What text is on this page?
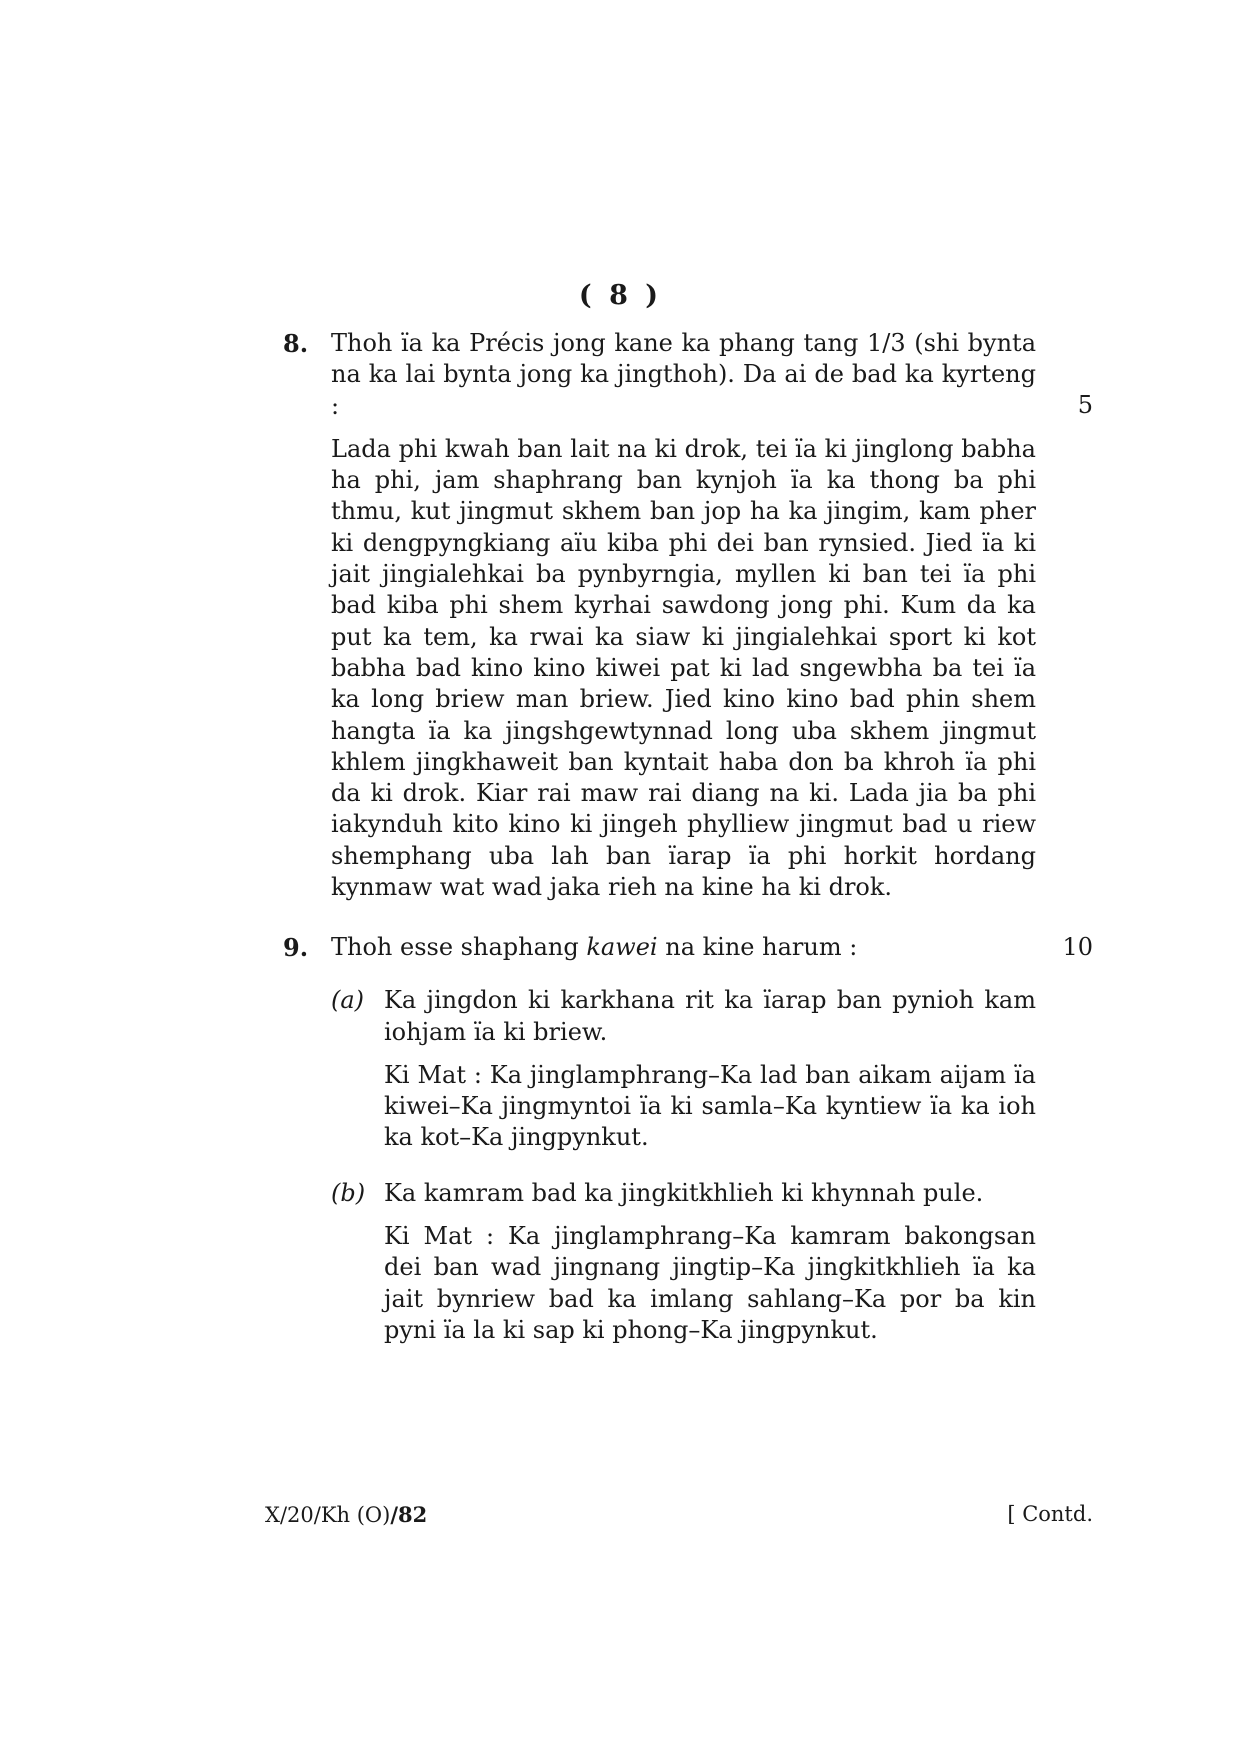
( 8 )
8. Thoh ïa ka Précis jong kane ka phang tang 1/3 (shi bynta na ka lai bynta jong ka jingthoh). Da ai de bad ka kyrteng :	5
Lada phi kwah ban lait na ki drok, tei ïa ki jinglong babha ha phi, jam shaphrang ban kynjoh ïa ka thong ba phi thmu, kut jingmut skhem ban jop ha ka jingim, kam pher ki dengpyngkiang aïu kiba phi dei ban rynsied. Jied ïa ki jait jingialehkai ba pynbyrngia, myllen ki ban tei ïa phi bad kiba phi shem kyrhai sawdong jong phi. Kum da ka put ka tem, ka rwai ka siaw ki jingialehkai sport ki kot babha bad kino kino kiwei pat ki lad sngewbha ba tei ïa ka long briew man briew. Jied kino kino bad phin shem hangta ïa ka jingshgewtynnad long uba skhem jingmut khlem jingkhaweit ban kyntait haba don ba khroh ïa phi da ki drok. Kiar rai maw rai diang na ki. Lada jia ba phi iakynduh kito kino ki jingeh phylliew jingmut bad u riew shemphang uba lah ban ïarap ïa phi horkit hordang kynmaw wat wad jaka rieh na kine ha ki drok.
9. Thoh esse shaphang kawei na kine harum :	10
(a) Ka jingdon ki karkhana rit ka ïarap ban pynioh kam iohjam ïa ki briew.
Ki Mat : Ka jinglamphrang–Ka lad ban aikam aijam ïa kiwei–Ka jingmyntoi ïa ki samla–Ka kyntiew ïa ka ioh ka kot–Ka jingpynkut.
(b) Ka kamram bad ka jingkitkhlieh ki khynnah pule.
Ki Mat : Ka jinglamphrang–Ka kamram bakongsan dei ban wad jingnang jingtip–Ka jingkitkhlieh ïa ka jait bynriew bad ka imlang sahlang–Ka por ba kin pyni ïa la ki sap ki phong–Ka jingpynkut.
X/20/Kh (O)/82	[ Contd.
